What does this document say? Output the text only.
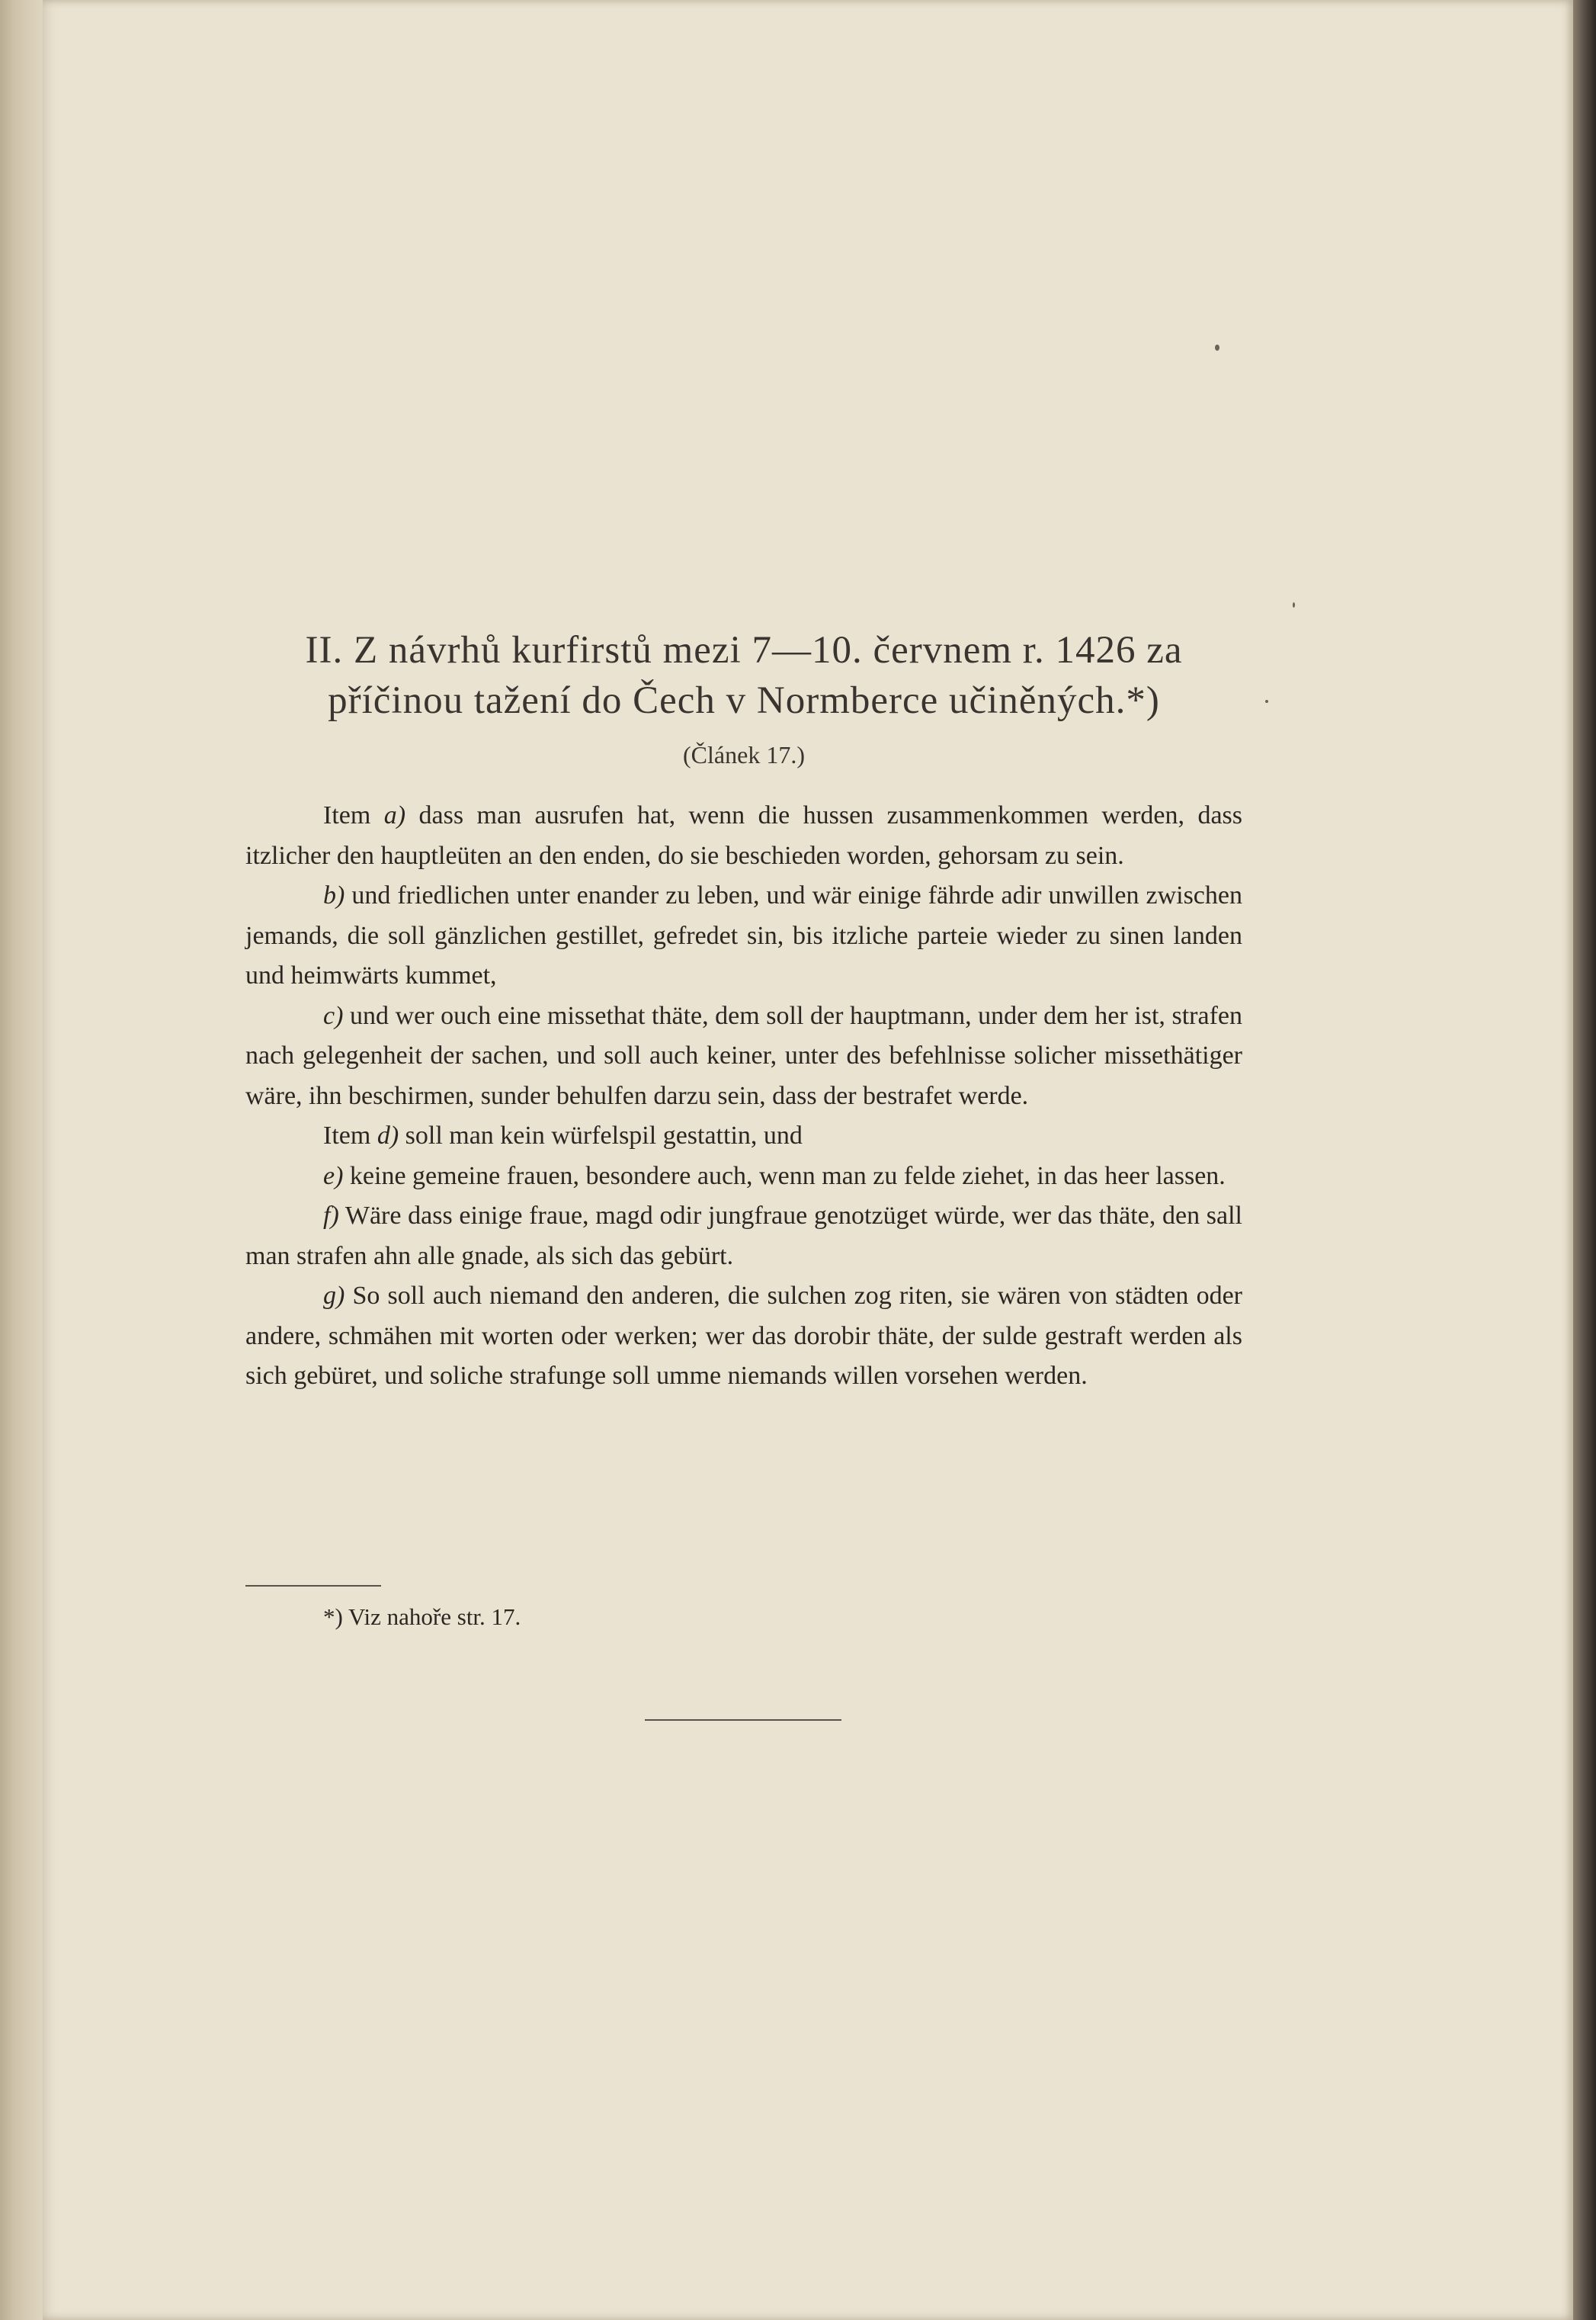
II. Z návrhů kurfirstů mezi 7—10. červnem r. 1426 za
příčinou tažení do Čech v Normberce učiněných.*)
(Článek 17.)

Item a) dass man ausrufen hat, wenn die hussen zusammenkommen werden, dass itzlicher den hauptleüten an den enden, do sie beschieden worden, gehorsam zu sein.

b) und friedlichen unter enander zu leben, und wär einige fährde adir unwillen zwischen jemands, die soll gänzlichen gestillet, gefredet sin, bis itzliche parteie wieder zu sinen landen und heimwärts kummet,

c) und wer ouch eine missethat thäte, dem soll der hauptmann, under dem her ist, strafen nach gelegenheit der sachen, und soll auch keiner, unter des befehlnisse solicher missethätiger wäre, ihn beschirmen, sunder behulfen darzu sein, dass der bestrafet werde.

Item d) soll man kein würfelspil gestattin, und

e) keine gemeine frauen, besondere auch, wenn man zu felde ziehet, in das heer lassen.

f) Wäre dass einige fraue, magd odir jungfraue genotzüget würde, wer das thäte, den sall man strafen ahn alle gnade, als sich das gebürt.

g) So soll auch niemand den anderen, die sulchen zog riten, sie wären von städten oder andere, schmähen mit worten oder werken; wer das dorobir thäte, der sulde gestraft werden als sich gebüret, und soliche strafunge soll umme niemands willen vorsehen werden.

*) Viz nahoře str. 17.
